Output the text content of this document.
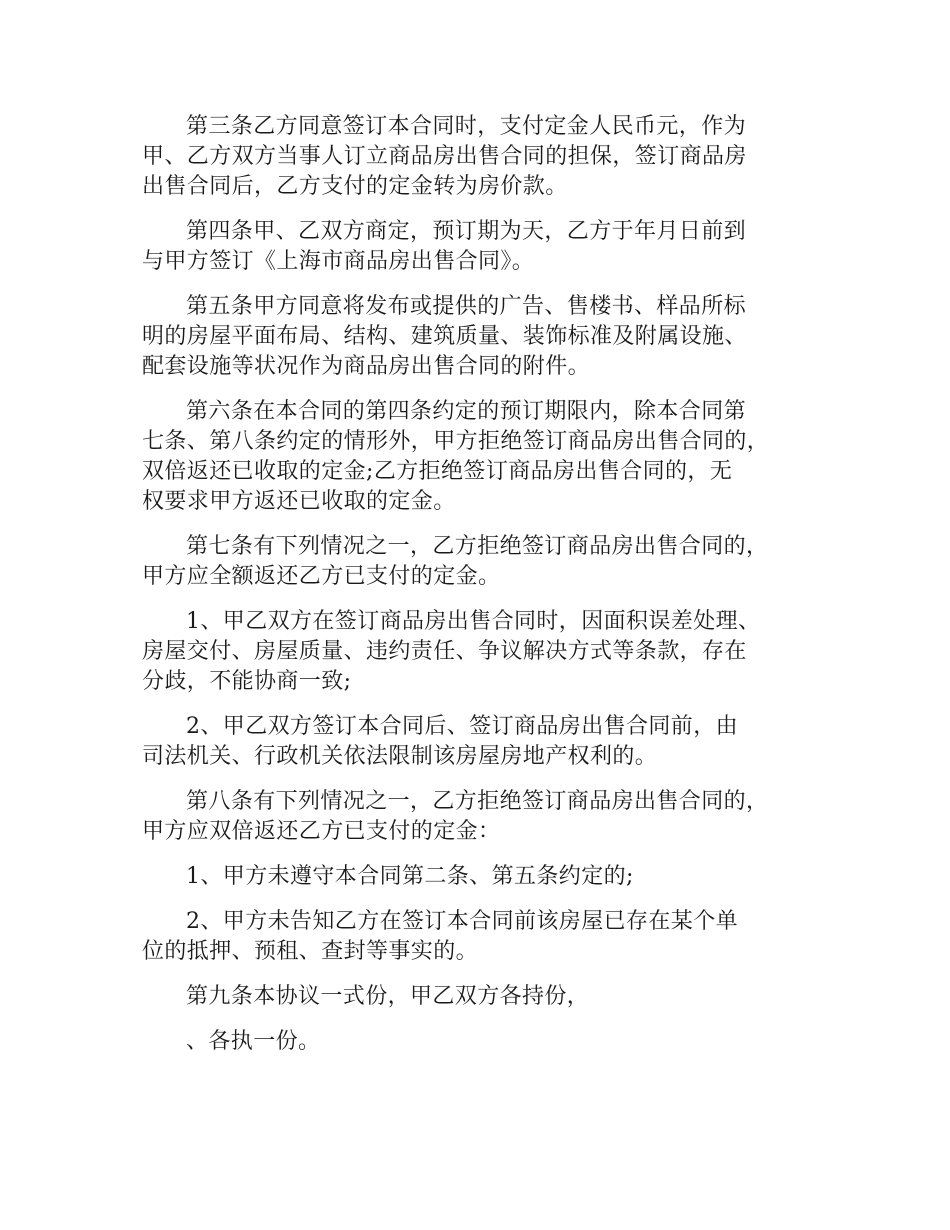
第三条乙方同意签订本合同时，支付定金人民币元，作为
甲、乙方双方当事人订立商品房出售合同的担保，签订商品房
出售合同后，乙方支付的定金转为房价款。

第四条甲、乙双方商定，预订期为天，乙方于年月日前到
与甲方签订《上海市商品房出售合同》。

第五条甲方同意将发布或提供的广告、售楼书、样品所标
明的房屋平面布局、结构、建筑质量、装饰标准及附属设施、
配套设施等状况作为商品房出售合同的附件。

第六条在本合同的第四条约定的预订期限内，除本合同第
七条、第八条约定的情形外，甲方拒绝签订商品房出售合同的，
双倍返还已收取的定金;乙方拒绝签订商品房出售合同的，无
权要求甲方返还已收取的定金。

第七条有下列情况之一，乙方拒绝签订商品房出售合同的，
甲方应全额返还乙方已支付的定金。

1、甲乙双方在签订商品房出售合同时，因面积误差处理、
房屋交付、房屋质量、违约责任、争议解决方式等条款，存在
分歧，不能协商一致;

2、甲乙双方签订本合同后、签订商品房出售合同前，由
司法机关、行政机关依法限制该房屋房地产权利的。

第八条有下列情况之一，乙方拒绝签订商品房出售合同的，
甲方应双倍返还乙方已支付的定金：

1、甲方未遵守本合同第二条、第五条约定的;

2、甲方未告知乙方在签订本合同前该房屋已存在某个单
位的抵押、预租、查封等事实的。

第九条本协议一式份，甲乙双方各持份，

、各执一份。
